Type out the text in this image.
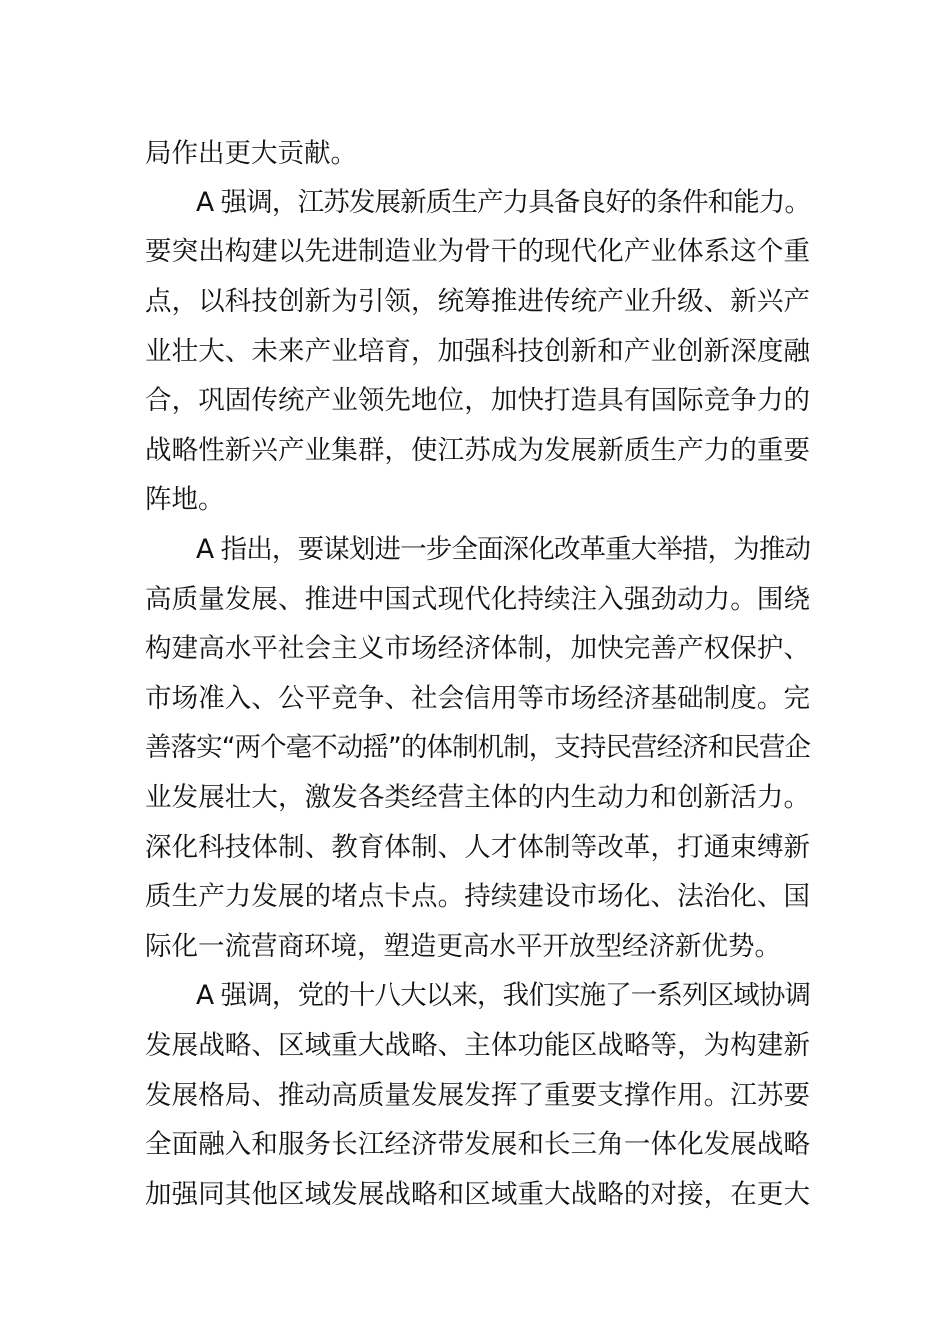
局作出更大贡献。
A 强调，江苏发展新质生产力具备良好的条件和能力。
要突出构建以先进制造业为骨干的现代化产业体系这个重
点，以科技创新为引领，统筹推进传统产业升级、新兴产
业壮大、未来产业培育，加强科技创新和产业创新深度融
合，巩固传统产业领先地位，加快打造具有国际竞争力的
战略性新兴产业集群，使江苏成为发展新质生产力的重要
阵地。
A 指出，要谋划进一步全面深化改革重大举措，为推动
高质量发展、推进中国式现代化持续注入强劲动力。围绕
构建高水平社会主义市场经济体制，加快完善产权保护、
市场准入、公平竞争、社会信用等市场经济基础制度。完
善落实“两个毫不动摇”的体制机制，支持民营经济和民营企
业发展壮大，激发各类经营主体的内生动力和创新活力。
深化科技体制、教育体制、人才体制等改革，打通束缚新
质生产力发展的堵点卡点。持续建设市场化、法治化、国
际化一流营商环境，塑造更高水平开放型经济新优势。
A 强调，党的十八大以来，我们实施了一系列区域协调
发展战略、区域重大战略、主体功能区战略等，为构建新
发展格局、推动高质量发展发挥了重要支撑作用。江苏要
全面融入和服务长江经济带发展和长三角一体化发展战略
加强同其他区域发展战略和区域重大战略的对接，在更大
